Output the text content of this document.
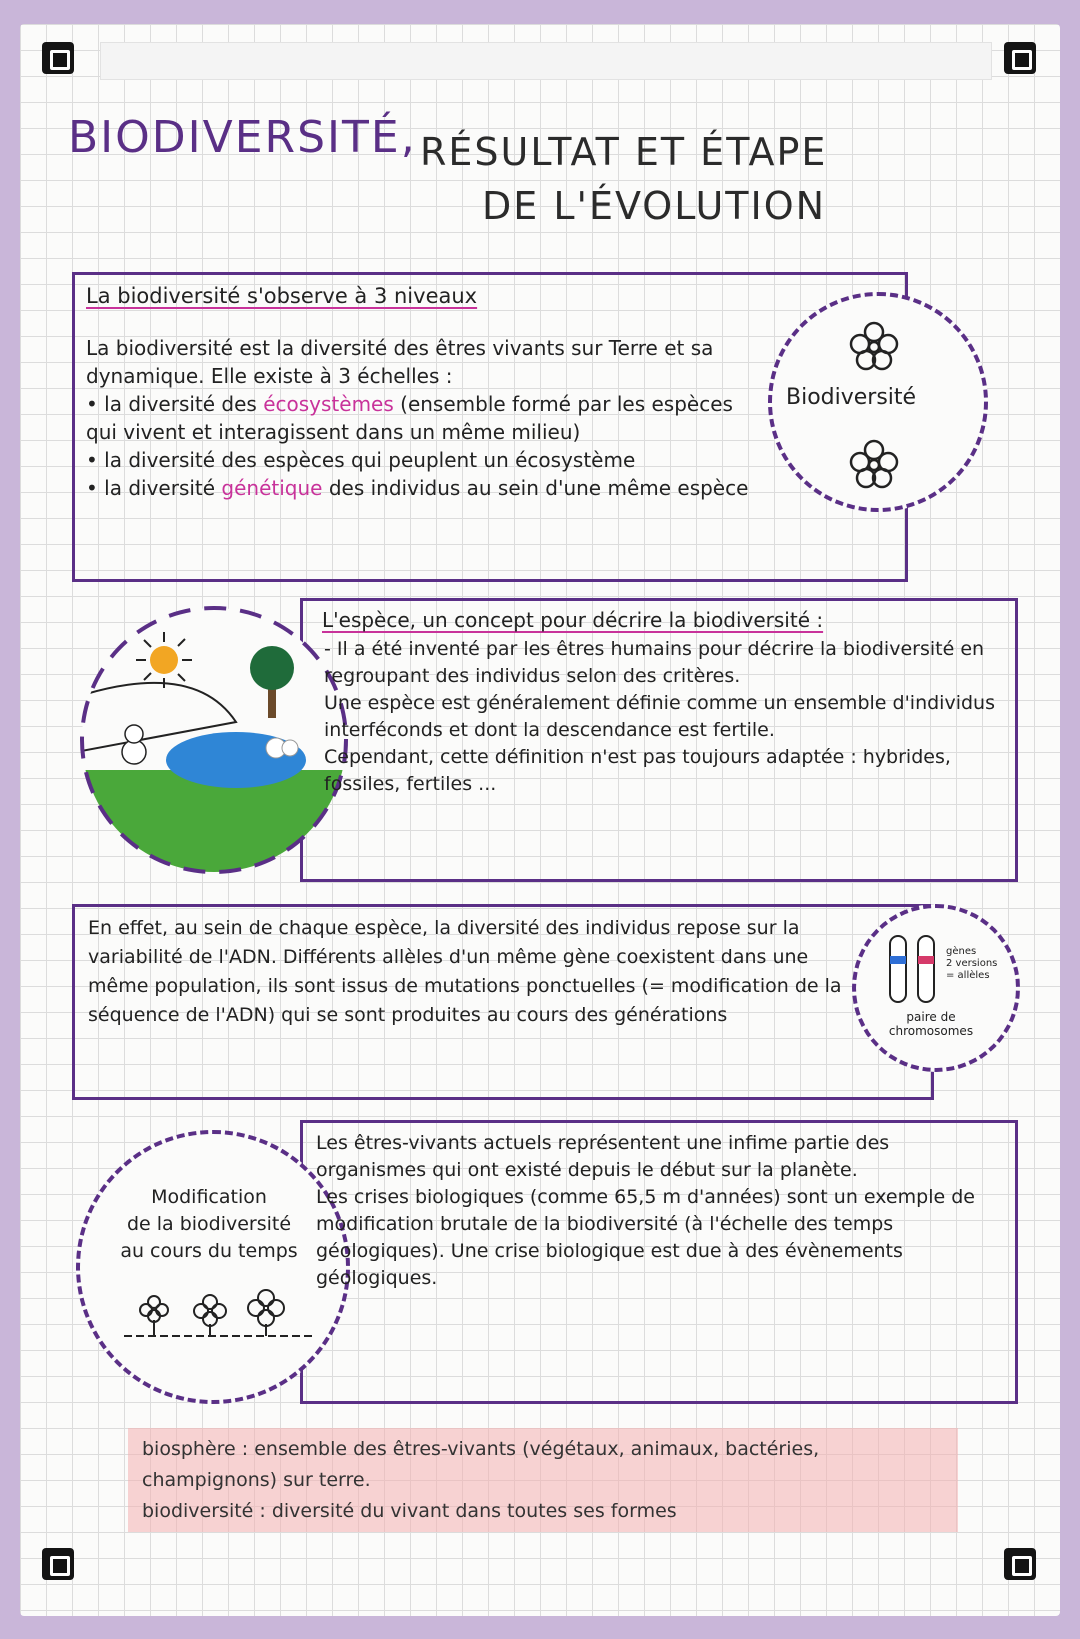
BIODIVERSITÉ, RÉSULTAT ET ÉTAPE
DE L'ÉVOLUTION
La biodiversité s'observe à 3 niveaux

La biodiversité est la diversité des êtres vivants sur Terre et sa dynamique. Elle existe à 3 échelles :

• la diversité des écosystèmes (ensemble formé par les espèces qui vivent et interagissent dans un même milieu)

• la diversité des espèces qui peuplent un écosystème

• la diversité génétique des individus au sein d'une même espèce

Biodiversité
L'espèce, un concept pour décrire la biodiversité :

- Il a été inventé par les êtres humains pour décrire la biodiversité en regroupant des individus selon des critères.

Une espèce est généralement définie comme un ensemble d'individus interféconds et dont la descendance est fertile.

Cependant, cette définition n'est pas toujours adaptée : hybrides, fossiles, fertiles ...

En effet, au sein de chaque espèce, la diversité des individus repose sur la variabilité de l'ADN. Différents allèles d'un même gène coexistent dans une même population, ils sont issus de mutations ponctuelles (= modification de la séquence de l'ADN) qui se sont produites au cours des générations

gènes

2 versions

= allèles

paire de

chromosomes

Modification

de la biodiversité

au cours du temps

Les êtres-vivants actuels représentent une infime partie des organismes qui ont existé depuis le début sur la planète.

Les crises biologiques (comme 65,5 m d'années) sont un exemple de modification brutale de la biodiversité (à l'échelle des temps géologiques). Une crise biologique est due à des évènements géologiques.

biosphère : ensemble des êtres-vivants (végétaux, animaux, bactéries, champignons) sur terre.

biodiversité : diversité du vivant dans toutes ses formes
